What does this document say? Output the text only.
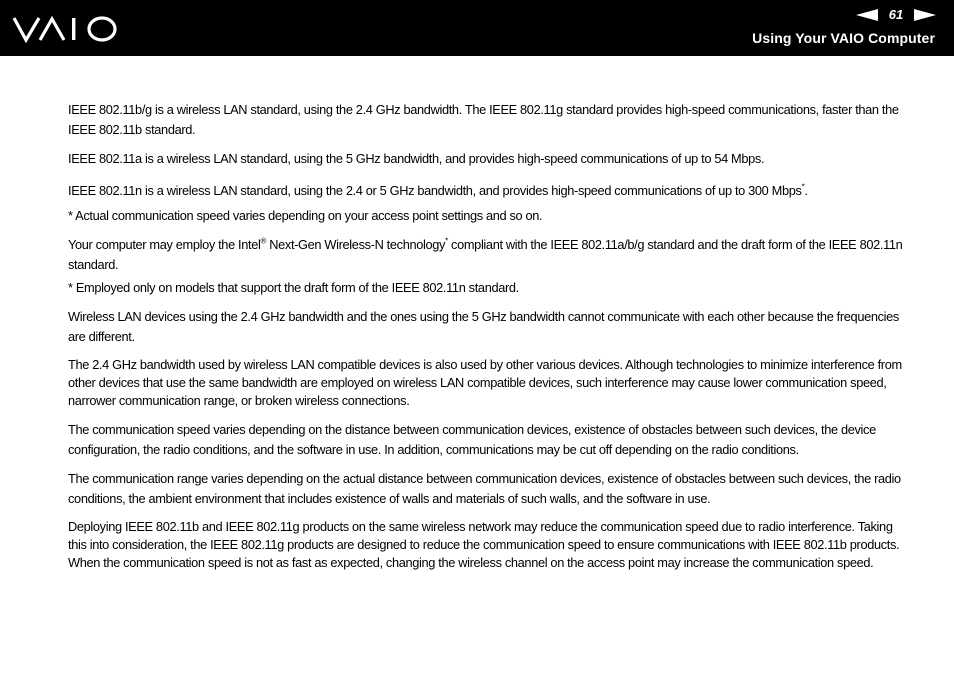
61
Using Your VAIO Computer

IEEE 802.11b/g is a wireless LAN standard, using the 2.4 GHz bandwidth. The IEEE 802.11g standard provides high-speed communications, faster than the IEEE 802.11b standard.

IEEE 802.11a is a wireless LAN standard, using the 5 GHz bandwidth, and provides high-speed communications of up to 54 Mbps.

IEEE 802.11n is a wireless LAN standard, using the 2.4 or 5 GHz bandwidth, and provides high-speed communications of up to 300 Mbps*.

* Actual communication speed varies depending on your access point settings and so on.

Your computer may employ the Intel® Next-Gen Wireless-N technology* compliant with the IEEE 802.11a/b/g standard and the draft form of the IEEE 802.11n standard.

* Employed only on models that support the draft form of the IEEE 802.11n standard.

Wireless LAN devices using the 2.4 GHz bandwidth and the ones using the 5 GHz bandwidth cannot communicate with each other because the frequencies are different.

The 2.4 GHz bandwidth used by wireless LAN compatible devices is also used by other various devices. Although technologies to minimize interference from other devices that use the same bandwidth are employed on wireless LAN compatible devices, such interference may cause lower communication speed, narrower communication range, or broken wireless connections.

The communication speed varies depending on the distance between communication devices, existence of obstacles between such devices, the device configuration, the radio conditions, and the software in use. In addition, communications may be cut off depending on the radio conditions.

The communication range varies depending on the actual distance between communication devices, existence of obstacles between such devices, the radio conditions, the ambient environment that includes existence of walls and materials of such walls, and the software in use.

Deploying IEEE 802.11b and IEEE 802.11g products on the same wireless network may reduce the communication speed due to radio interference. Taking this into consideration, the IEEE 802.11g products are designed to reduce the communication speed to ensure communications with IEEE 802.11b products. When the communication speed is not as fast as expected, changing the wireless channel on the access point may increase the communication speed.
